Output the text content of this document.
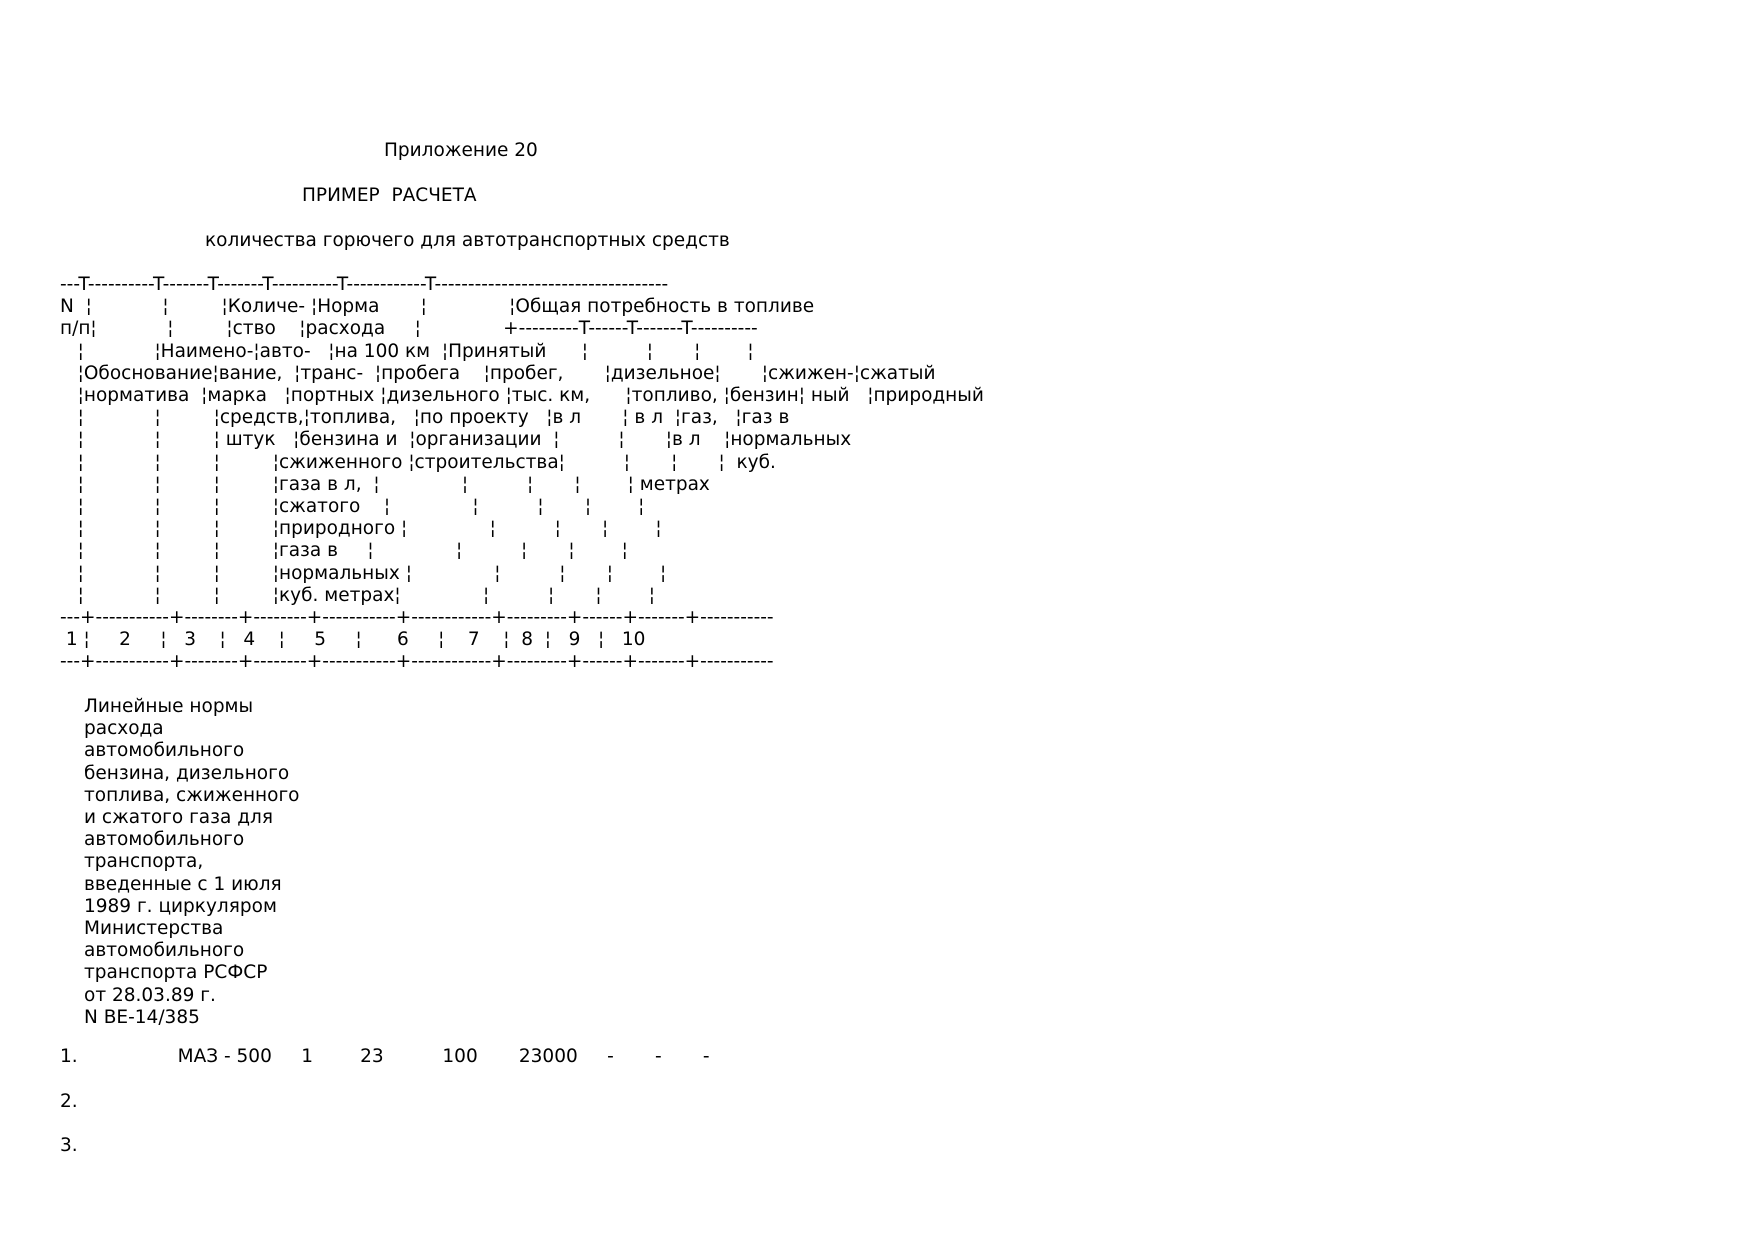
Приложение 20
ПРИМЕР  РАСЧЕТА
количества горючего для автотранспортных средств
---T----------T-------T-------T----------T------------T-----------------------------------
N  ¦            ¦         ¦Количе- ¦Норма       ¦              ¦Общая потребность в топливе
п/п¦            ¦         ¦ство    ¦расхода     ¦              +---------T------T-------T----------
¦            ¦Наимено-¦авто-   ¦на 100 км  ¦Принятый      ¦          ¦       ¦        ¦
¦Обоснование¦вание,  ¦транс-  ¦пробега    ¦пробег,       ¦дизельное¦       ¦сжижен-¦сжатый
¦норматива  ¦марка   ¦портных ¦дизельного ¦тыс. км,      ¦топливо, ¦бензин¦ ный   ¦природный
¦            ¦         ¦средств,¦топлива,   ¦по проекту   ¦в л       ¦ в л  ¦газ,   ¦газ в
¦            ¦         ¦ штук   ¦бензина и  ¦организации  ¦          ¦       ¦в л    ¦нормальных
¦            ¦         ¦         ¦сжиженного ¦строительства¦          ¦       ¦       ¦  куб.
¦            ¦         ¦         ¦газа в л,  ¦              ¦          ¦       ¦        ¦ метрах
¦            ¦         ¦         ¦сжатого    ¦              ¦          ¦       ¦        ¦
¦            ¦         ¦         ¦природного ¦              ¦          ¦       ¦        ¦
¦            ¦         ¦         ¦газа в     ¦              ¦          ¦       ¦        ¦
¦            ¦         ¦         ¦нормальных ¦              ¦          ¦       ¦        ¦
¦            ¦         ¦         ¦куб. метрах¦              ¦          ¦       ¦        ¦
---+-----------+--------+--------+-----------+------------+---------+------+-------+-----------
1 ¦     2     ¦   3    ¦   4    ¦     5     ¦      6     ¦    7    ¦  8  ¦   9   ¦   10
---+-----------+--------+--------+-----------+------------+---------+------+-------+-----------
Линейные нормы
расхода
автомобильного
бензина, дизельного
топлива, сжиженного
и сжатого газа для
автомобильного
транспорта,
введенные с 1 июля
1989 г. циркуляром
Министерства
автомобильного
транспорта РСФСР
от 28.03.89 г.
N ВЕ-14/385
1.                 МАЗ - 500     1        23          100       23000     -       -       -
2.
3.
